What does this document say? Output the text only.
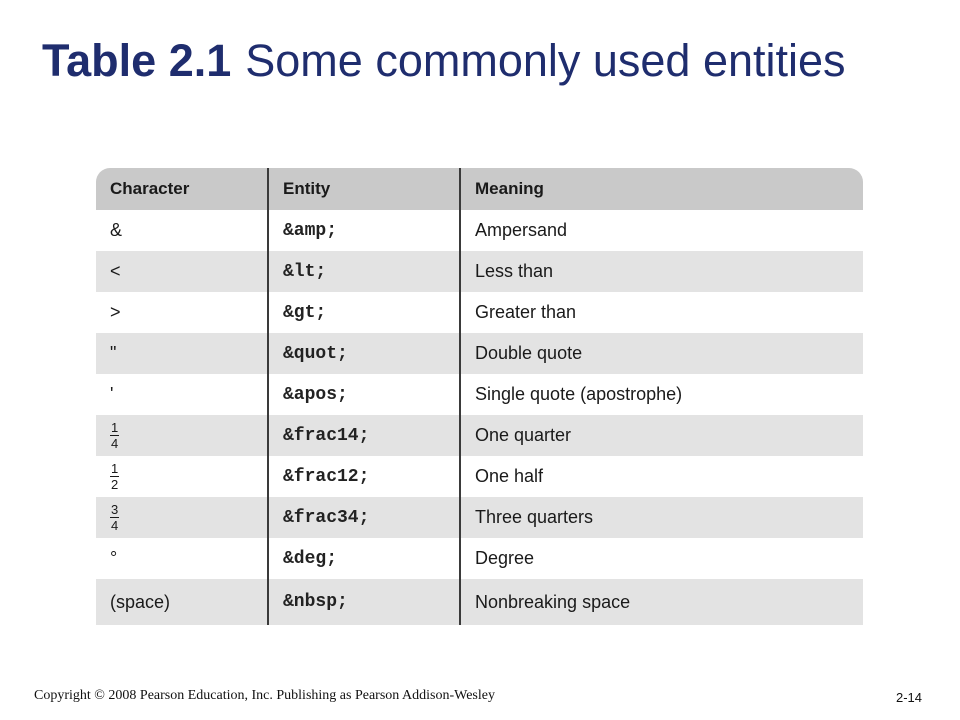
Table 2.1 Some commonly used entities
Character	Entity	Meaning
&	&amp;	Ampersand
<	&lt;	Less than
>	&gt;	Greater than
"	&quot;	Double quote
'	&apos;	Single quote (apostrophe)

$\frac{1}{4}$	&frac14;	One quarter

$\frac{1}{2}$	&frac12;	One half

$\frac{3}{4}$	&frac34;	Three quarters
°	&deg;	Degree
(space)	&nbsp;	Nonbreaking space
Copyright © 2008 Pearson Education, Inc. Publishing as Pearson Addison-Wesley	2-14
